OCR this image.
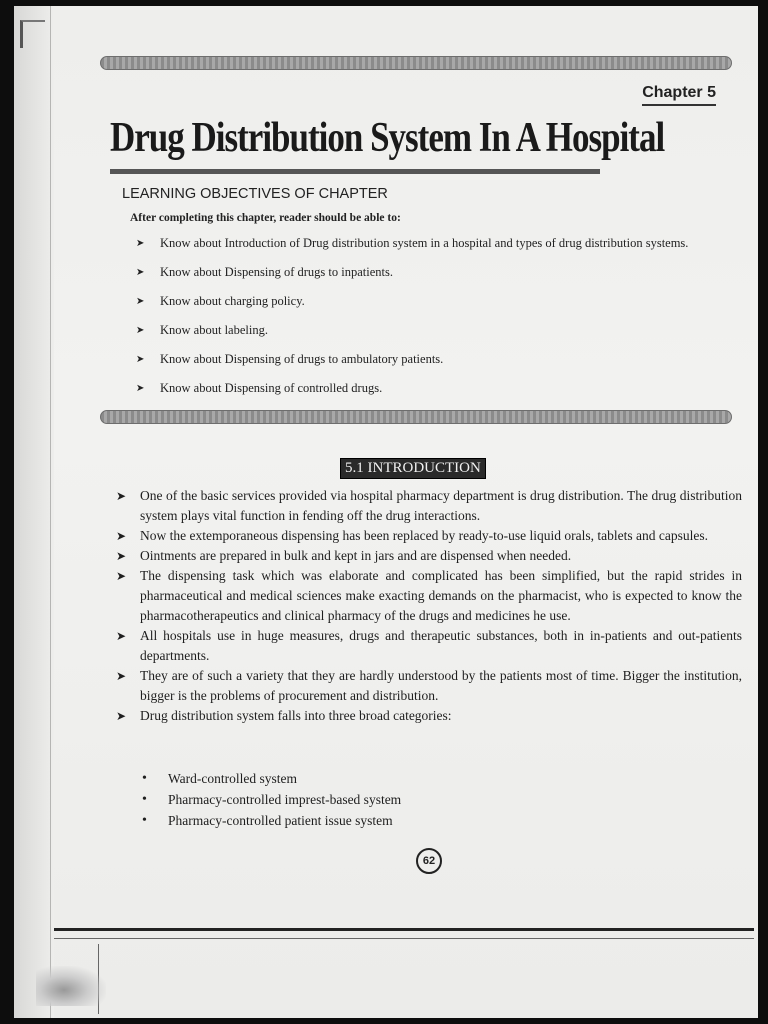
Chapter 5
Drug Distribution System In A Hospital
LEARNING OBJECTIVES OF CHAPTER
After completing this chapter, reader should be able to:
➤ Know about Introduction of Drug distribution system in a hospital and types of drug distribution systems.
➤ Know about Dispensing of drugs to inpatients.
➤ Know about charging policy.
➤ Know about labeling.
➤ Know about Dispensing of drugs to ambulatory patients.
➤ Know about Dispensing of controlled drugs.
5.1 INTRODUCTION
➤ One of the basic services provided via hospital pharmacy department is drug distribution. The drug distribution system plays vital function in fending off the drug interactions.
➤ Now the extemporaneous dispensing has been replaced by ready-to-use liquid orals, tablets and capsules.
➤ Ointments are prepared in bulk and kept in jars and are dispensed when needed.
➤ The dispensing task which was elaborate and complicated has been simplified, but the rapid strides in pharmaceutical and medical sciences make exacting demands on the pharmacist, who is expected to know the pharmacotherapeutics and clinical pharmacy of the drugs and medicines he use.
➤ All hospitals use in huge measures, drugs and therapeutic substances, both in in-patients and out-patients departments.
➤ They are of such a variety that they are hardly understood by the patients most of time. Bigger the institution, bigger is the problems of procurement and distribution.
➤ Drug distribution system falls into three broad categories:
• Ward-controlled system
• Pharmacy-controlled imprest-based system
• Pharmacy-controlled patient issue system
62
